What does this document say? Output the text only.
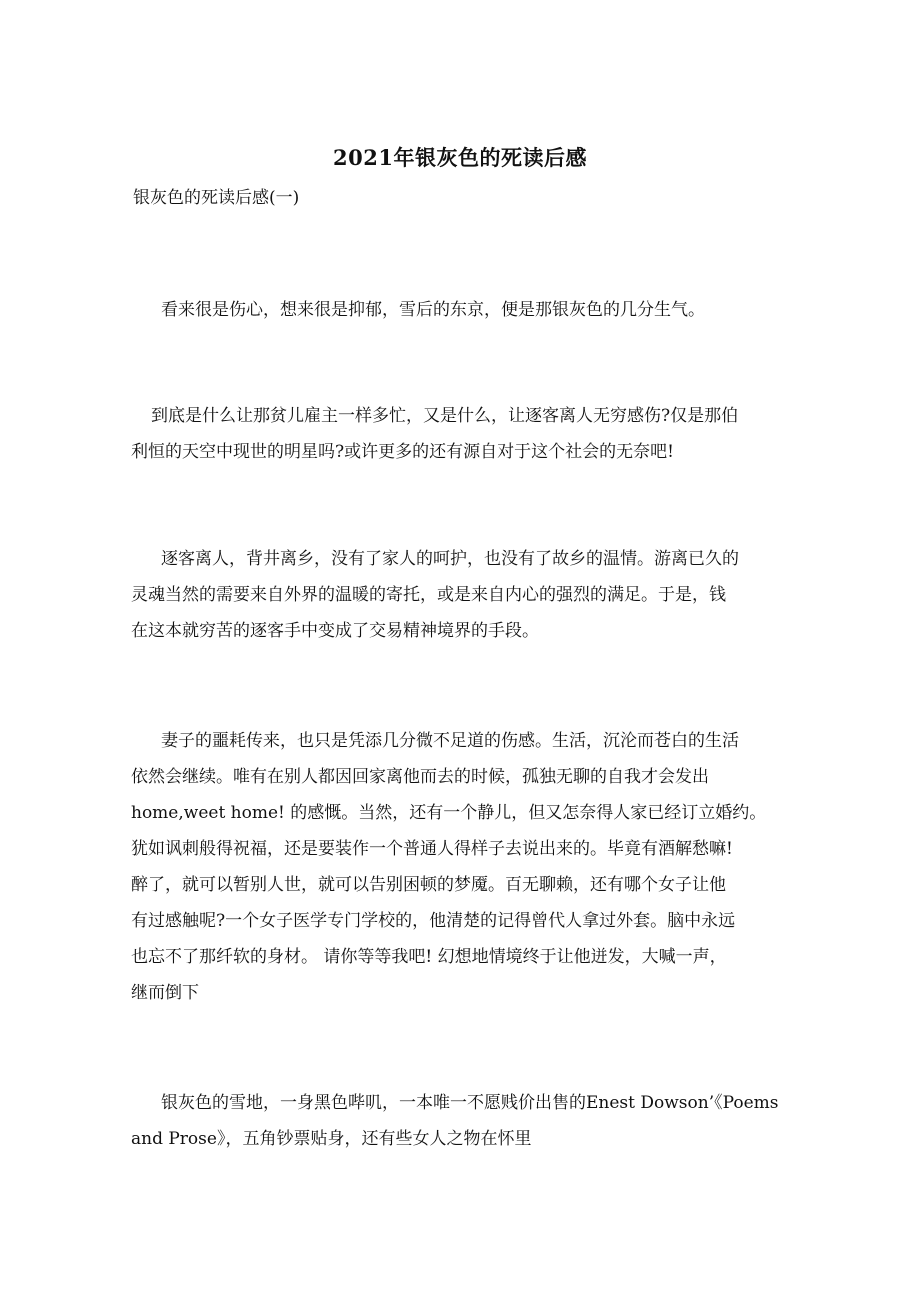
2021年银灰色的死读后感
银灰色的死读后感(一)

看来很是伤心，想来很是抑郁，雪后的东京，便是那银灰色的几分生气。

到底是什么让那贫儿雇主一样多忙，又是什么，让逐客离人无穷感伤?仅是那伯
利恒的天空中现世的明星吗?或许更多的还有源自对于这个社会的无奈吧!

逐客离人，背井离乡，没有了家人的呵护，也没有了故乡的温情。游离已久的
灵魂当然的需要来自外界的温暖的寄托，或是来自内心的强烈的满足。于是，钱
在这本就穷苦的逐客手中变成了交易精神境界的手段。

妻子的噩耗传来，也只是凭添几分微不足道的伤感。生活，沉沦而苍白的生活
依然会继续。唯有在别人都因回家离他而去的时候，孤独无聊的自我才会发出
home,weet home! 的感慨。当然，还有一个静儿，但又怎奈得人家已经订立婚约。
犹如讽刺般得祝福，还是要装作一个普通人得样子去说出来的。毕竟有酒解愁嘛!
醉了，就可以暂别人世，就可以告别困顿的梦魇。百无聊赖，还有哪个女子让他
有过感触呢?一个女子医学专门学校的，他清楚的记得曾代人拿过外套。脑中永远
也忘不了那纤软的身材。 请你等等我吧! 幻想地情境终于让他迸发，大喊一声，
继而倒下

银灰色的雪地，一身黑色哔叽，一本唯一不愿贱价出售的Enest Dowson’《Poems
and Prose》，五角钞票贴身，还有些女人之物在怀里
